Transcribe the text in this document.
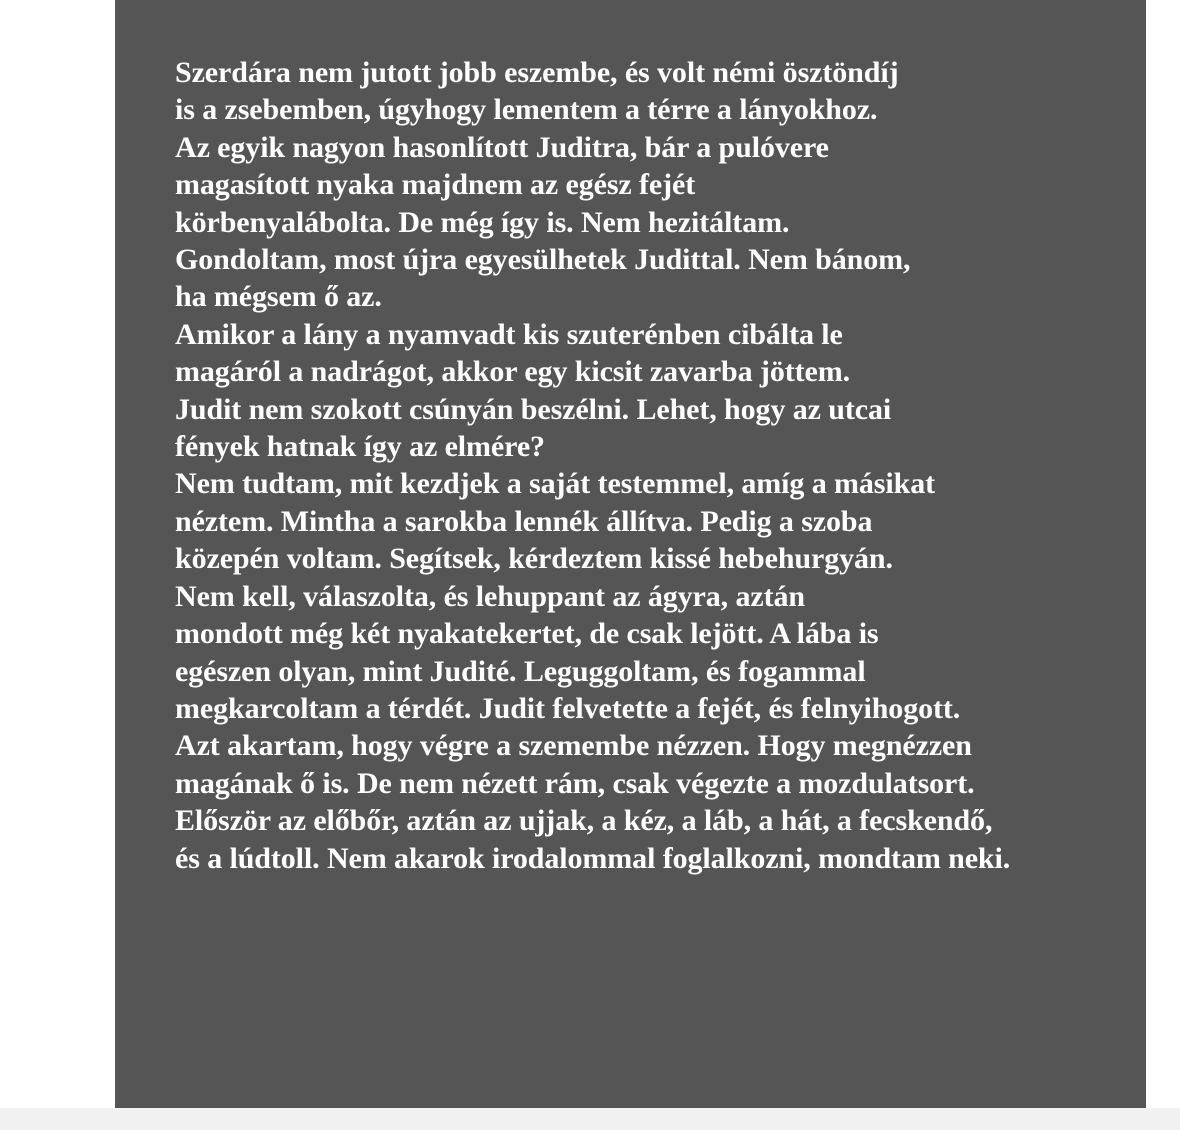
Szerdára nem jutott jobb eszembe, és volt némi ösztöndíj
is a zsebemben, úgyhogy lementem a térre a lányokhoz.
Az egyik nagyon hasonlított Juditra, bár a pulóvere
magasított nyaka majdnem az egész fejét
körbenyalábolta. De még így is. Nem hezitáltam.
Gondoltam, most újra egyesülhetek Judittal. Nem bánom,
ha mégsem ő az.
Amikor a lány a nyamvadt kis szuterénben cibálta le
magáról a nadrágot, akkor egy kicsit zavarba jöttem.
Judit nem szokott csúnyán beszélni. Lehet, hogy az utcai
fények hatnak így az elmére?
Nem tudtam, mit kezdjek a saját testemmel, amíg a másikat
néztem. Mintha a sarokba lennék állítva. Pedig a szoba
közepén voltam. Segítsek, kérdeztem kissé hebehurgyán.
Nem kell, válaszolta, és lehuppant az ágyra, aztán
mondott még két nyakatekertet, de csak lejött. A lába is
egészen olyan, mint Judité. Leguggoltam, és fogammal
megkarcoltam a térdét. Judit felvetette a fejét, és felnyihogott.
Azt akartam, hogy végre a szemembe nézzen. Hogy megnézzen
magának ő is. De nem nézett rám, csak végezte a mozdulatsort.
Először az előbőr, aztán az ujjak, a kéz, a láb, a hát, a fecskendő,
és a lúdtoll. Nem akarok irodalommal foglalkozni, mondtam neki.
